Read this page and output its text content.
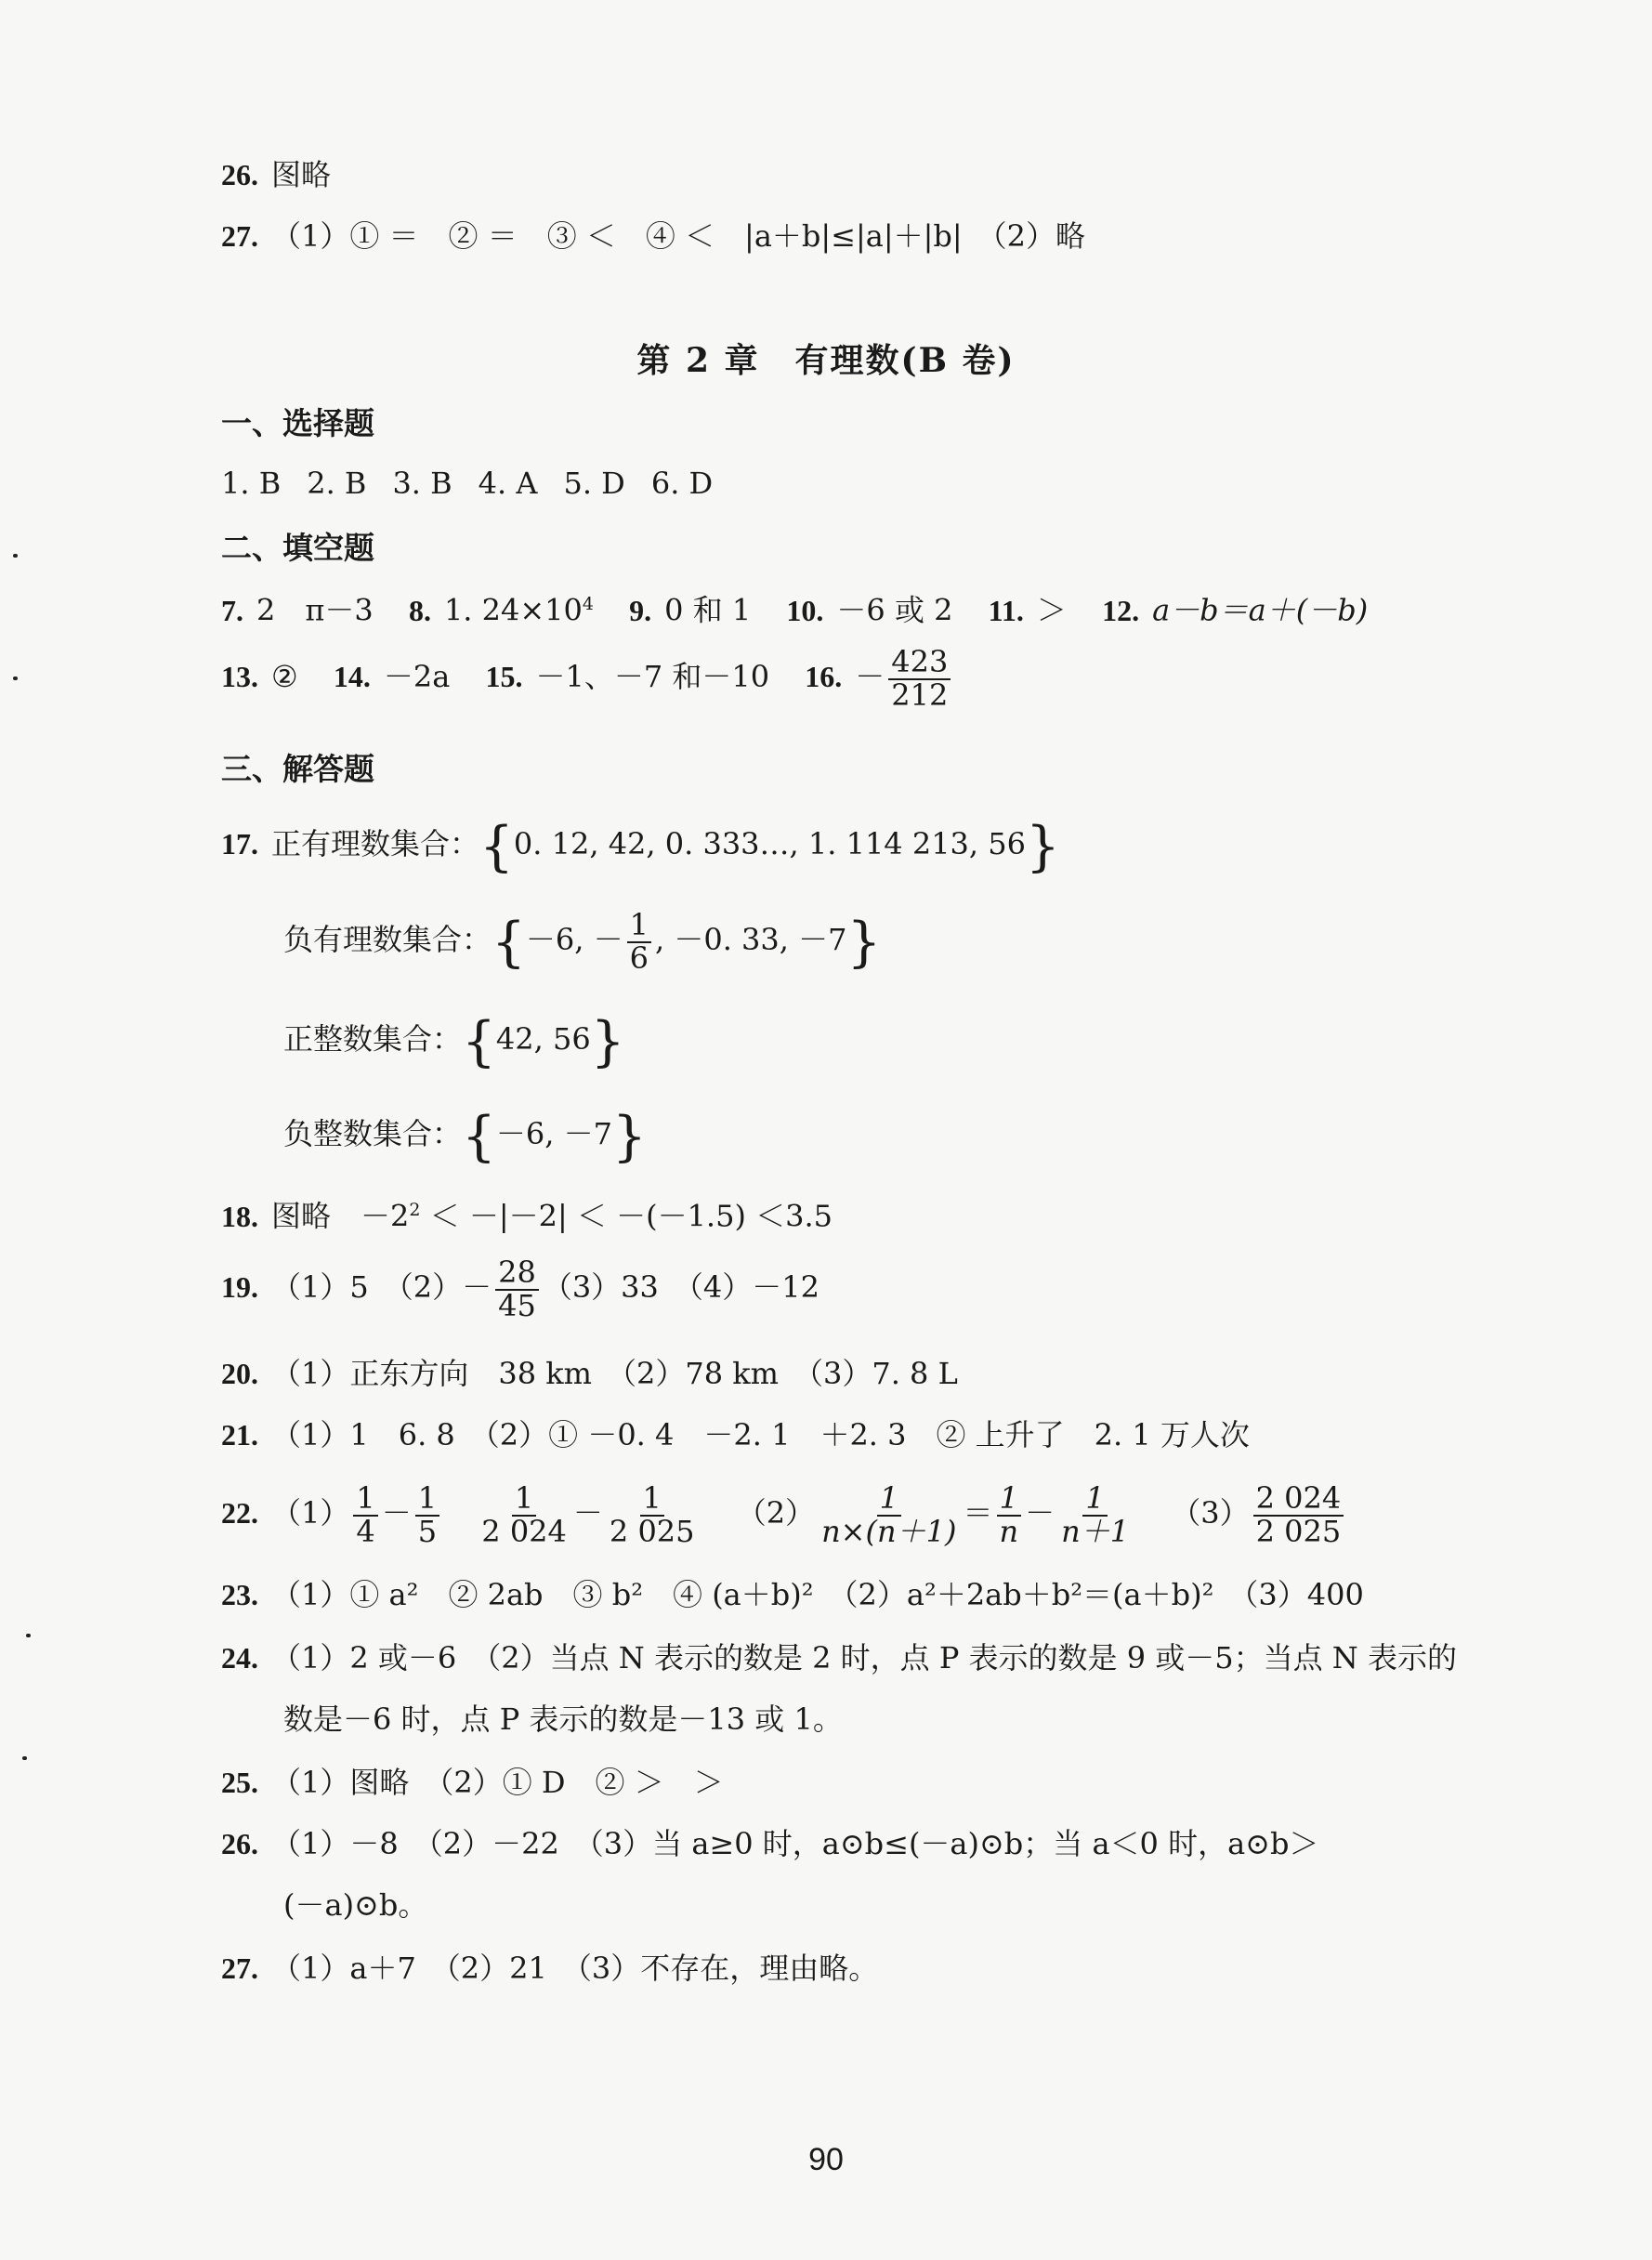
26. 图略
27. （1）① ＝　② ＝　③ ＜　④ ＜　|a＋b|≤|a|＋|b|　（2）略
第 2 章　有理数(B 卷)
一、选择题
1. B 2. B 3. B 4. A 5. D 6. D
二、填空题
7. 2　π－3 8. 1. $24\times 10^4$ 9. 0 和 1 10. －6 或 2 11. ＞ 12. a－b＝a＋(－b)
13. ② 14. －2a 15. －1、－7 和－10 16. － $\frac{423}{212}$
三、解答题
17. 正有理数集合：{0. 12, 42, 0. 333…, 1. 114 213, 56}
负有理数集合：{－6, － $\frac{1}{6}$ , －0. 33, －7}
正整数集合：{42, 56}
负整数集合：{－6, －7}
18. 图略　$-2^2 < -|-2| < -(-1.5) <3.5$
19. （1）5　$(2)- \frac{28}{45} (3)33$　（4）－12
20. （1）正东方向　38 km　（2）78 km　（3）7. 8 L
21. （1）1　6. 8　（2）① －0. 4　－2. 1　＋2. 3　② 上升了　2. 1 万人次
22. $(1) \frac{1}{4} - \frac{1}{5}$
$\frac{1}{2 024} - \frac{1}{2 025} (2) \frac{1}{n\times(n+1)} = \frac{1}{n} - \frac{1}{n+1} (3) \frac{2 024}{2 025}$
23. （1）① a²　② 2ab　③ b²　④ (a＋b)²　（2）a²＋2ab＋b²＝(a＋b)²　（3）400
24. （1）2 或－6　（2）当点 N 表示的数是 2 时，点 P 表示的数是 9 或－5；当点 N 表示的
数是－6 时，点 P 表示的数是－13 或 1。
25. （1）图略　（2）① D　② ＞　＞
26. （1）－8　（2）－22　（3）当 a≥0 时，a⊙b≤(－a)⊙b；当 a＜0 时，a⊙b＞
(－a)⊙b。
27. （1）a＋7　（2）21　（3）不存在，理由略。
90
